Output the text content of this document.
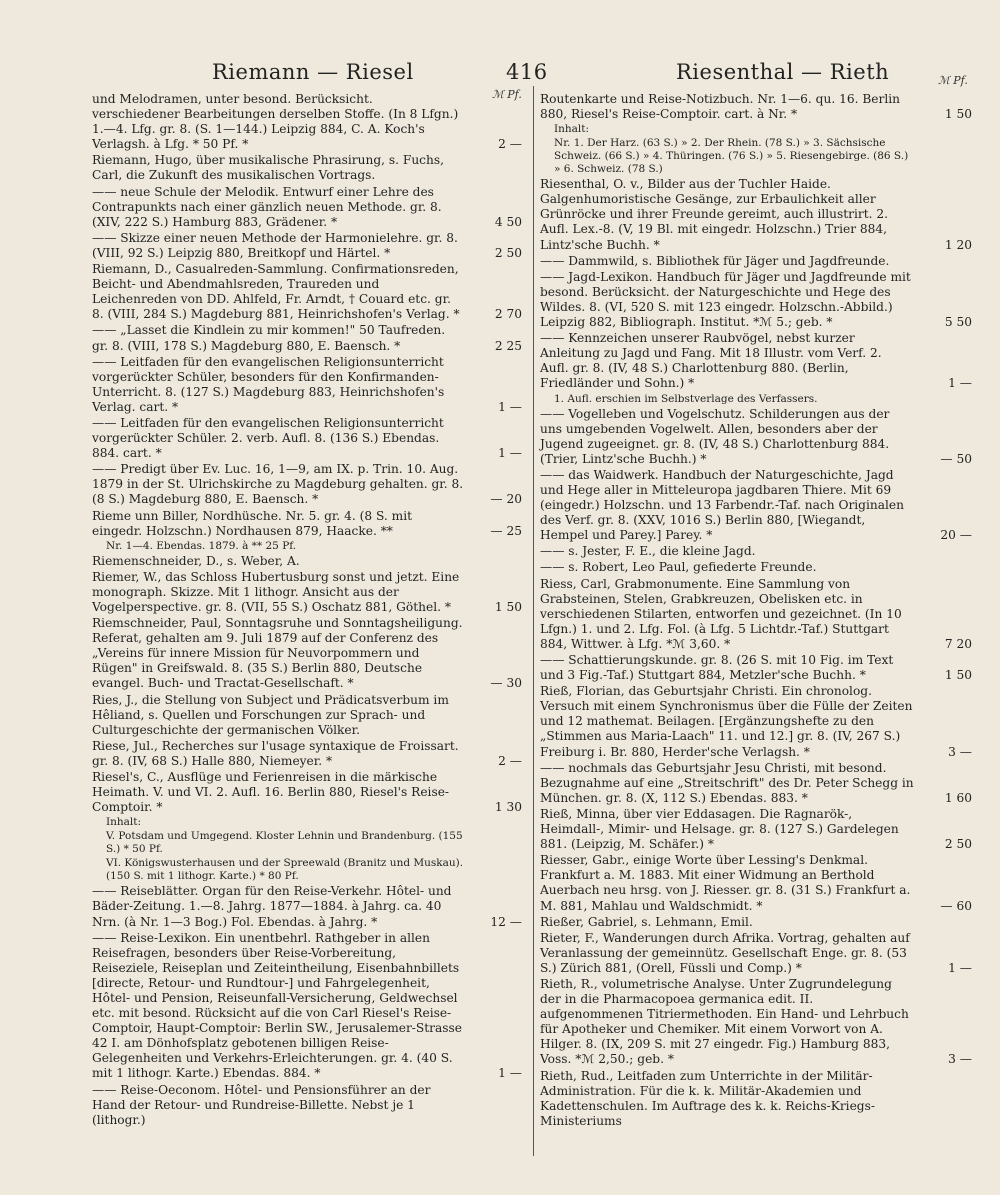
Riemann — Riesel	416	Riesenthal — Rieth
ℳ Pf.
ℳ Pf.
und Melodramen, unter besond. Berücksicht. verschiedener Bearbeitungen derselben Stoffe. (In 8 Lfgn.) 1.—4. Lfg. gr. 8. (S. 1—144.) Leipzig 884, C. A. Koch's Verlagsh. à Lfg. * 50 Pf. *	2 —
Riemann, Hugo, über musikalische Phrasirung, s. Fuchs, Carl, die Zukunft des musikalischen Vortrags.
—— neue Schule der Melodik. Entwurf einer Lehre des Contrapunkts nach einer gänzlich neuen Methode. gr. 8. (XIV, 222 S.) Hamburg 883, Grädener. *	4 50
—— Skizze einer neuen Methode der Harmonielehre. gr. 8. (VIII, 92 S.) Leipzig 880, Breitkopf und Härtel. *	2 50
Riemann, D., Casualreden-Sammlung. Confirmationsreden, Beicht- und Abendmahlsreden, Traureden und Leichenreden von DD. Ahlfeld, Fr. Arndt, † Couard etc. gr. 8. (VIII, 284 S.) Magdeburg 881, Heinrichshofen's Verlag. *	2 70
—— „Lasset die Kindlein zu mir kommen!" 50 Taufreden. gr. 8. (VIII, 178 S.) Magdeburg 880, E. Baensch. *	2 25
—— Leitfaden für den evangelischen Religionsunterricht vorgerückter Schüler, besonders für den Konfirmanden-Unterricht. 8. (127 S.) Magdeburg 883, Heinrichshofen's Verlag. cart. *	1 —
—— Leitfaden für den evangelischen Religionsunterricht vorgerückter Schüler. 2. verb. Aufl. 8. (136 S.) Ebendas. 884. cart. *	1 —
—— Predigt über Ev. Luc. 16, 1—9, am IX. p. Trin. 10. Aug. 1879 in der St. Ulrichskirche zu Magdeburg gehalten. gr. 8. (8 S.) Magdeburg 880, E. Baensch. *	— 20
Rieme unn Biller, Nordhüsche. Nr. 5. gr. 4. (8 S. mit eingedr. Holzschn.) Nordhausen 879, Haacke. **	— 25
Nr. 1—4. Ebendas. 1879. à ** 25 Pf.
Riemenschneider, D., s. Weber, A.
Riemer, W., das Schloss Hubertusburg sonst und jetzt. Eine monograph. Skizze. Mit 1 lithogr. Ansicht aus der Vogelperspective. gr. 8. (VII, 55 S.) Oschatz 881, Göthel. *	1 50
Riemschneider, Paul, Sonntagsruhe und Sonntagsheiligung. Referat, gehalten am 9. Juli 1879 auf der Conferenz des „Vereins für innere Mission für Neuvorpommern und Rügen" in Greifswald. 8. (35 S.) Berlin 880, Deutsche evangel. Buch- und Tractat-Gesellschaft. *	— 30
Ries, J., die Stellung von Subject und Prädicatsverbum im Hêliand, s. Quellen und Forschungen zur Sprach- und Culturgeschichte der germanischen Völker.
Riese, Jul., Recherches sur l'usage syntaxique de Froissart. gr. 8. (IV, 68 S.) Halle 880, Niemeyer. *	2 —
Riesel's, C., Ausflüge und Ferienreisen in die märkische Heimath. V. und VI. 2. Aufl. 16. Berlin 880, Riesel's Reise-Comptoir. *	1 30
Inhalt:
V. Potsdam und Umgegend. Kloster Lehnin und Brandenburg. (155 S.) * 50 Pf.
VI. Königswusterhausen und der Spreewald (Branitz und Muskau). (150 S. mit 1 lithogr. Karte.) * 80 Pf.
—— Reiseblätter. Organ für den Reise-Verkehr. Hôtel- und Bäder-Zeitung. 1.—8. Jahrg. 1877—1884. à Jahrg. ca. 40 Nrn. (à Nr. 1—3 Bog.) Fol. Ebendas. à Jahrg. *	12 —
—— Reise-Lexikon. Ein unentbehrl. Rathgeber in allen Reisefragen, besonders über Reise-Vorbereitung, Reiseziele, Reiseplan und Zeiteintheilung, Eisenbahnbillets [directe, Retour- und Rundtour-] und Fahrgelegenheit, Hôtel- und Pension, Reiseunfall-Versicherung, Geldwechsel etc. mit besond. Rücksicht auf die von Carl Riesel's Reise-Comptoir, Haupt-Comptoir: Berlin SW., Jerusalemer-Strasse 42 I. am Dönhofsplatz gebotenen billigen Reise-Gelegenheiten und Verkehrs-Erleichterungen. gr. 4. (40 S. mit 1 lithogr. Karte.) Ebendas. 884. *	1 —
—— Reise-Oeconom. Hôtel- und Pensionsführer an der Hand der Retour- und Rundreise-Billette. Nebst je 1 (lithogr.)
Routenkarte und Reise-Notizbuch. Nr. 1—6. qu. 16. Berlin 880, Riesel's Reise-Comptoir. cart. à Nr. *	1 50
Inhalt:
Nr. 1. Der Harz. (63 S.) » 2. Der Rhein. (78 S.) » 3. Sächsische Schweiz. (66 S.) » 4. Thüringen. (76 S.) » 5. Riesengebirge. (86 S.) » 6. Schweiz. (78 S.)
Riesenthal, O. v., Bilder aus der Tuchler Haide. Galgenhumoristische Gesänge, zur Erbaulichkeit aller Grünröcke und ihrer Freunde gereimt, auch illustrirt. 2. Aufl. Lex.-8. (V, 19 Bl. mit eingedr. Holzschn.) Trier 884, Lintz'sche Buchh. *	1 20
—— Dammwild, s. Bibliothek für Jäger und Jagdfreunde.
—— Jagd-Lexikon. Handbuch für Jäger und Jagdfreunde mit besond. Berücksicht. der Naturgeschichte und Hege des Wildes. 8. (VI, 520 S. mit 123 eingedr. Holzschn.-Abbild.) Leipzig 882, Bibliograph. Institut. *ℳ 5.; geb. *	5 50
—— Kennzeichen unserer Raubvögel, nebst kurzer Anleitung zu Jagd und Fang. Mit 18 Illustr. vom Verf. 2. Aufl. gr. 8. (IV, 48 S.) Charlottenburg 880. (Berlin, Friedländer und Sohn.) *	1 —
1. Aufl. erschien im Selbstverlage des Verfassers.
—— Vogelleben und Vogelschutz. Schilderungen aus der uns umgebenden Vogelwelt. Allen, besonders aber der Jugend zugeeignet. gr. 8. (IV, 48 S.) Charlottenburg 884. (Trier, Lintz'sche Buchh.) *	— 50
—— das Waidwerk. Handbuch der Naturgeschichte, Jagd und Hege aller in Mitteleuropa jagdbaren Thiere. Mit 69 (eingedr.) Holzschn. und 13 Farbendr.-Taf. nach Originalen des Verf. gr. 8. (XXV, 1016 S.) Berlin 880, [Wiegandt, Hempel und Parey.] Parey. *	20 —
—— s. Jester, F. E., die kleine Jagd.
—— s. Robert, Leo Paul, gefiederte Freunde.
Riess, Carl, Grabmonumente. Eine Sammlung von Grabsteinen, Stelen, Grabkreuzen, Obelisken etc. in verschiedenen Stilarten, entworfen und gezeichnet. (In 10 Lfgn.) 1. und 2. Lfg. Fol. (à Lfg. 5 Lichtdr.-Taf.) Stuttgart 884, Wittwer. à Lfg. *ℳ 3,60. *	7 20
—— Schattierungskunde. gr. 8. (26 S. mit 10 Fig. im Text und 3 Fig.-Taf.) Stuttgart 884, Metzler'sche Buchh. *	1 50
Rieß, Florian, das Geburtsjahr Christi. Ein chronolog. Versuch mit einem Synchronismus über die Fülle der Zeiten und 12 mathemat. Beilagen. [Ergänzungshefte zu den „Stimmen aus Maria-Laach" 11. und 12.] gr. 8. (IV, 267 S.) Freiburg i. Br. 880, Herder'sche Verlagsh. *	3 —
—— nochmals das Geburtsjahr Jesu Christi, mit besond. Bezugnahme auf eine „Streitschrift" des Dr. Peter Schegg in München. gr. 8. (X, 112 S.) Ebendas. 883. *	1 60
Rieß, Minna, über vier Eddasagen. Die Ragnarök-, Heimdall-, Mimir- und Helsage. gr. 8. (127 S.) Gardelegen 881. (Leipzig, M. Schäfer.) *	2 50
Riesser, Gabr., einige Worte über Lessing's Denkmal. Frankfurt a. M. 1883. Mit einer Widmung an Berthold Auerbach neu hrsg. von J. Riesser. gr. 8. (31 S.) Frankfurt a. M. 881, Mahlau und Waldschmidt. *	— 60
Rießer, Gabriel, s. Lehmann, Emil.
Rieter, F., Wanderungen durch Afrika. Vortrag, gehalten auf Veranlassung der gemeinnütz. Gesellschaft Enge. gr. 8. (53 S.) Zürich 881, (Orell, Füssli und Comp.) *	1 —
Rieth, R., volumetrische Analyse. Unter Zugrundelegung der in die Pharmacopoea germanica edit. II. aufgenommenen Titriermethoden. Ein Hand- und Lehrbuch für Apotheker und Chemiker. Mit einem Vorwort von A. Hilger. 8. (IX, 209 S. mit 27 eingedr. Fig.) Hamburg 883, Voss. *ℳ 2,50.; geb. *	3 —
Rieth, Rud., Leitfaden zum Unterrichte in der Militär-Administration. Für die k. k. Militär-Akademien und Kadettenschulen. Im Auftrage des k. k. Reichs-Kriegs-Ministeriums
